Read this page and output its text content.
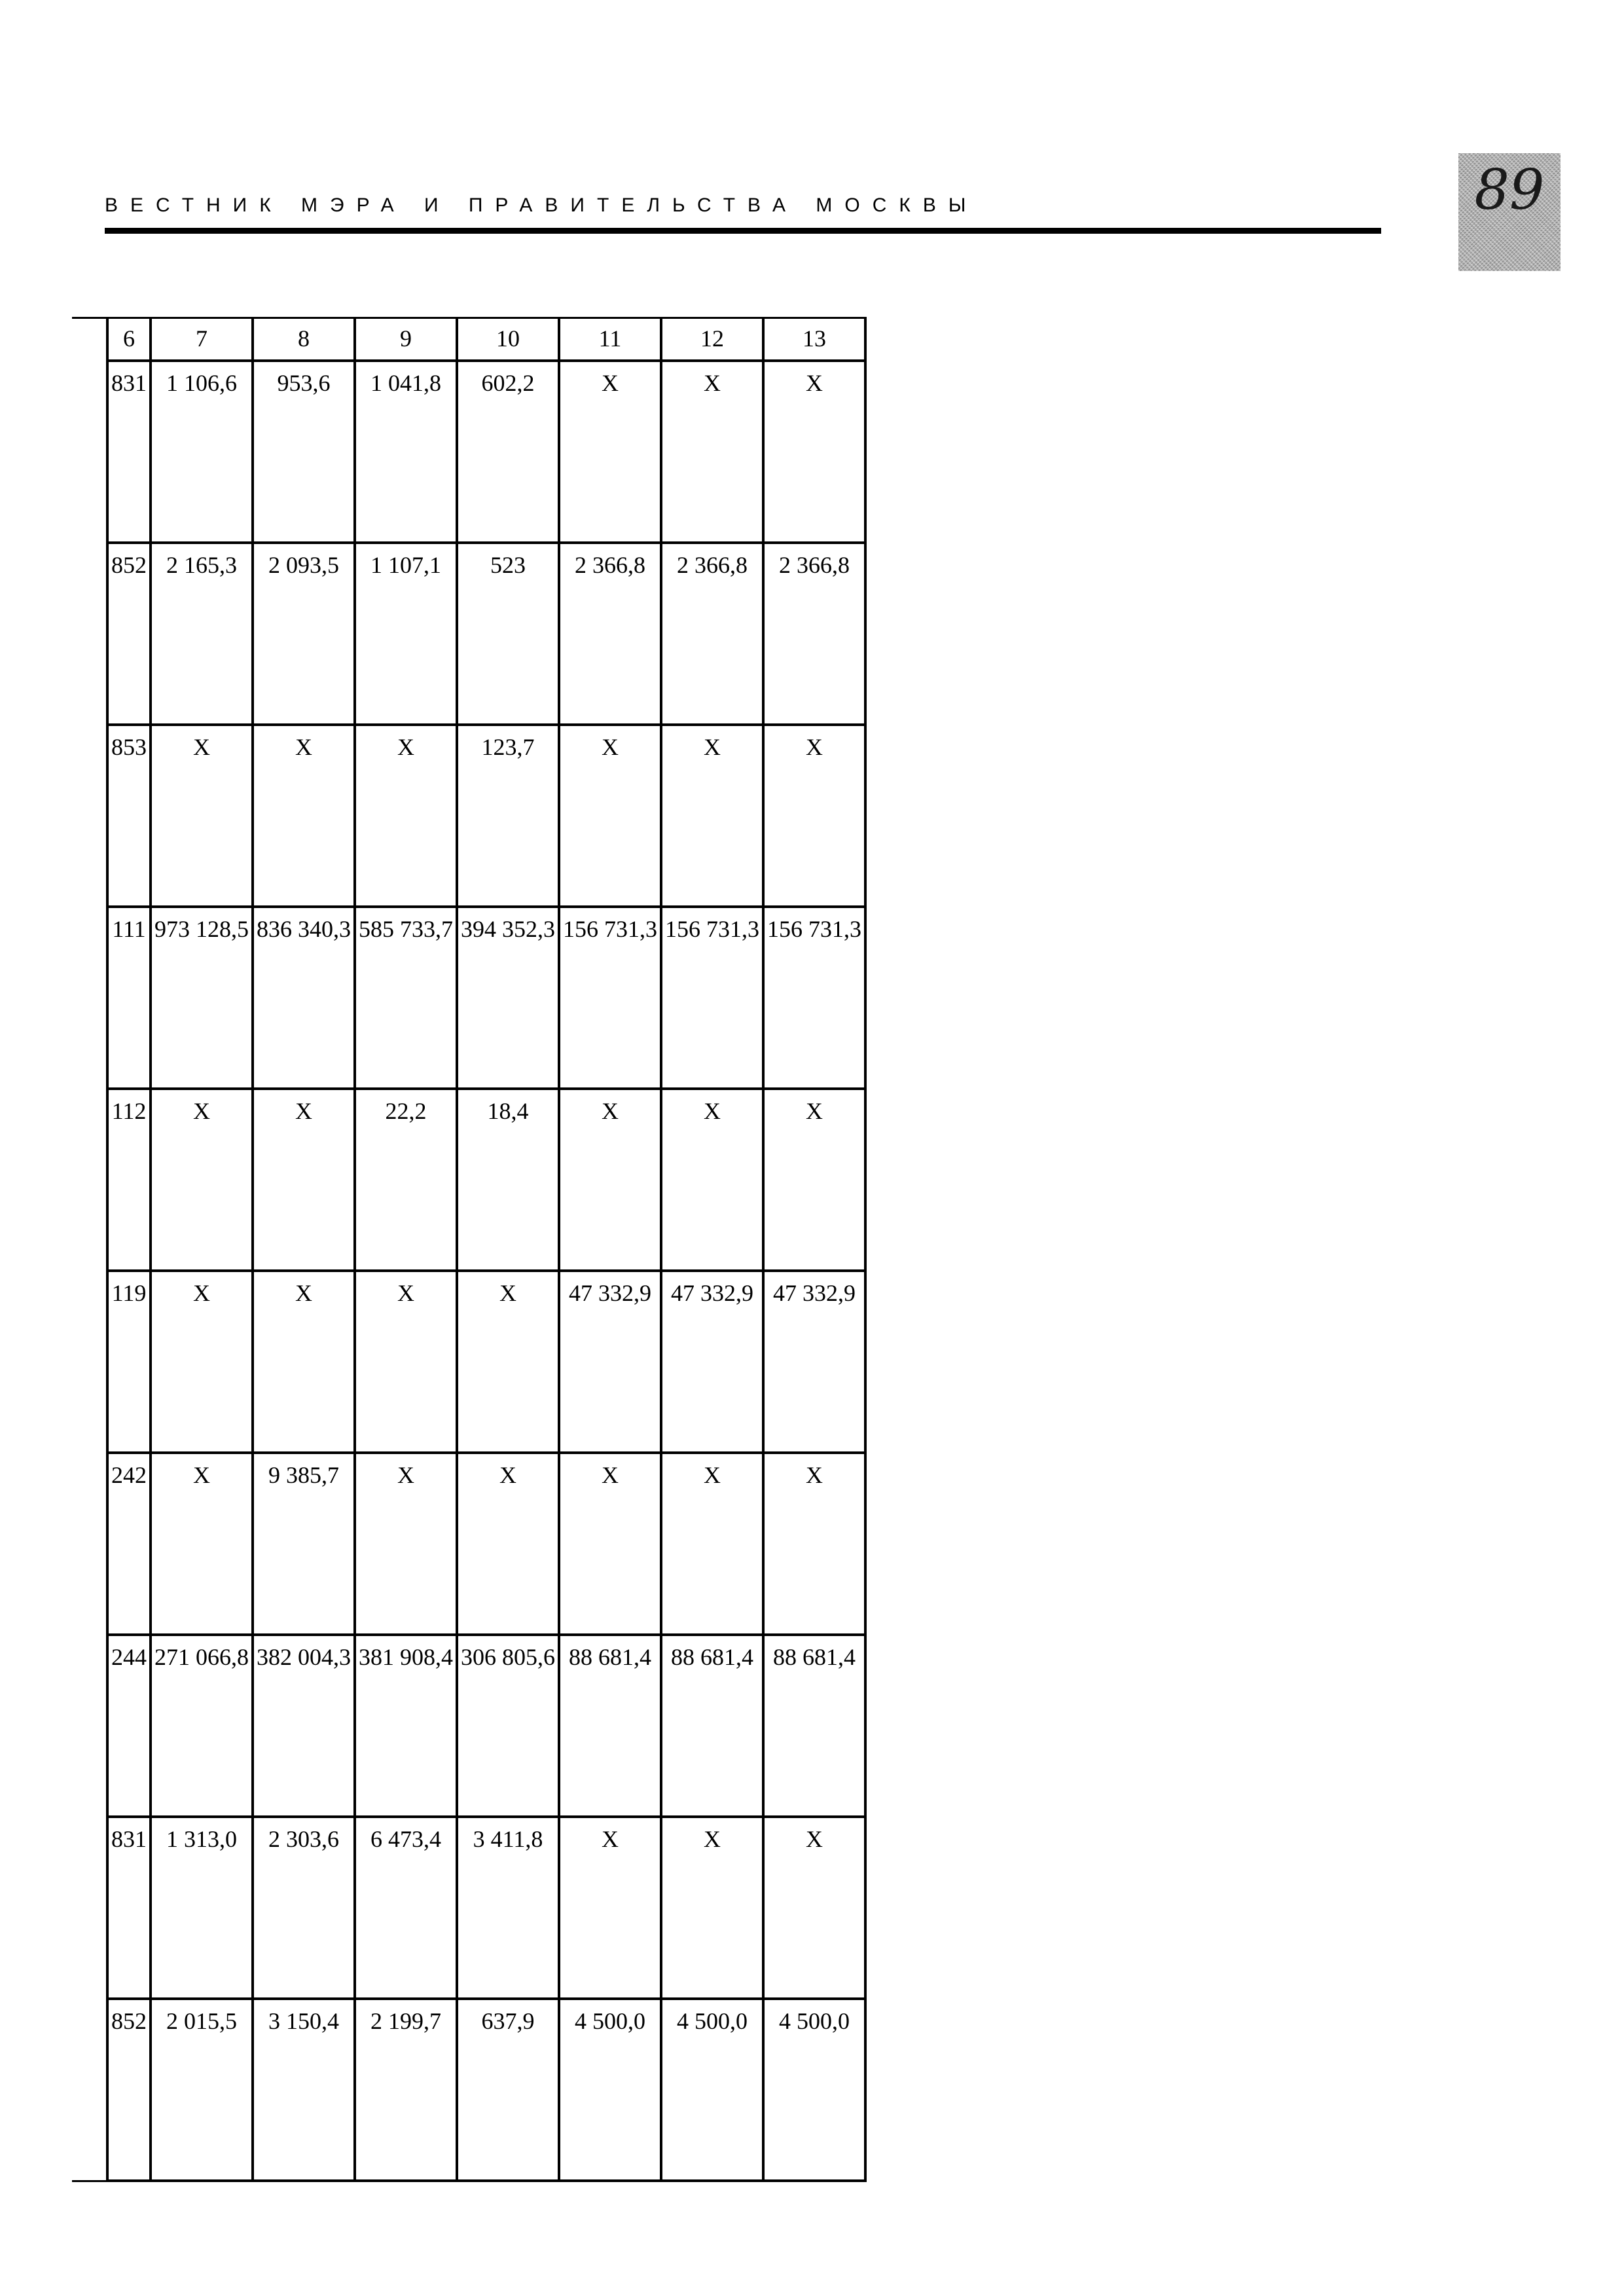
ВЕСТНИК МЭРА И ПРАВИТЕЛЬСТВА МОСКВЫ	89
6	7	8	9	10	11	12	13
831	1 106,6	953,6	1 041,8	602,2	Х	Х	Х
852	2 165,3	2 093,5	1 107,1	523	2 366,8	2 366,8	2 366,8
853	Х	Х	Х	123,7	Х	Х	Х
111	973 128,5	836 340,3	585 733,7	394 352,3	156 731,3	156 731,3	156 731,3
112	Х	Х	22,2	18,4	Х	Х	Х
119	Х	Х	Х	Х	47 332,9	47 332,9	47 332,9
242	Х	9 385,7	Х	Х	Х	Х	Х
244	271 066,8	382 004,3	381 908,4	306 805,6	88 681,4	88 681,4	88 681,4
831	1 313,0	2 303,6	6 473,4	3 411,8	Х	Х	Х
852	2 015,5	3 150,4	2 199,7	637,9	4 500,0	4 500,0	4 500,0
